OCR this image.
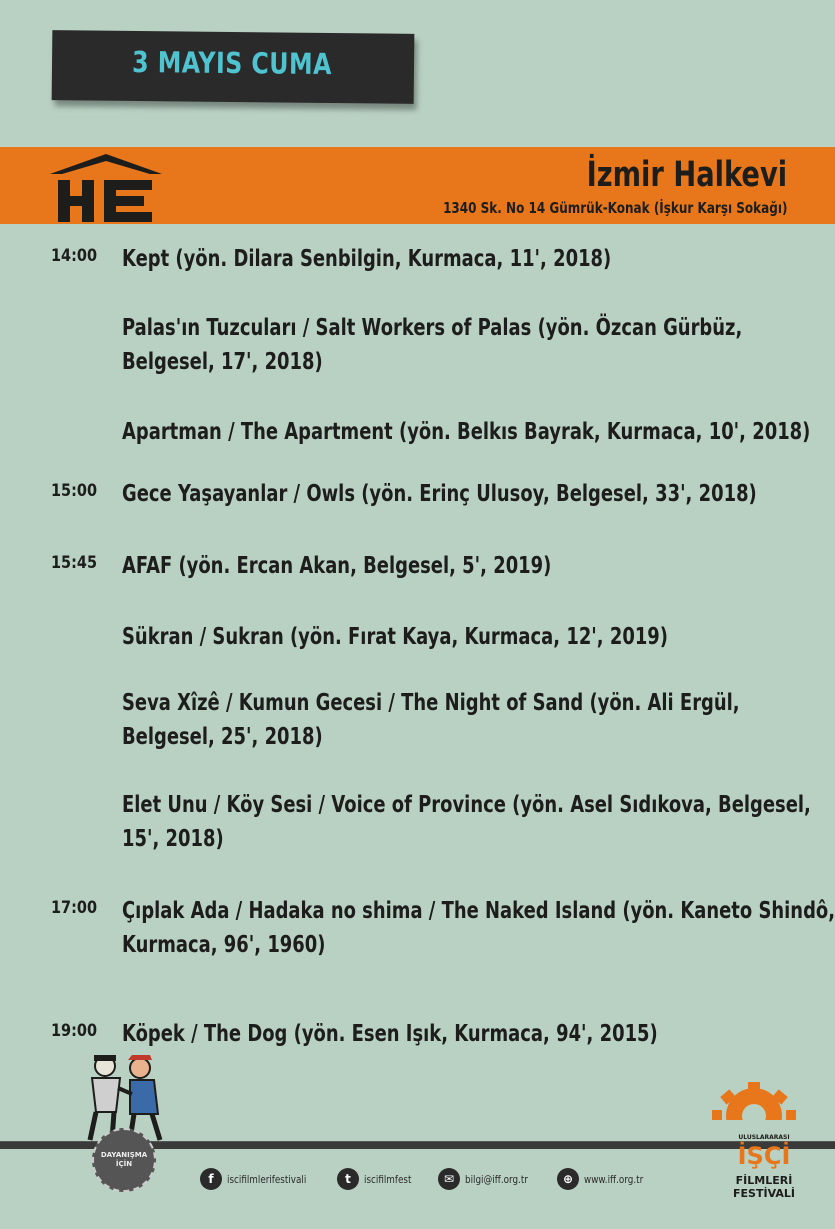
3 MAYIS CUMA
İzmir Halkevi
1340 Sk. No 14 Gümrük-Konak (İşkur Karşı Sokağı)
14:00 Kept (yön. Dilara Senbilgin, Kurmaca, 11', 2018)
Palas'ın Tuzcuları / Salt Workers of Palas (yön. Özcan Gürbüz,
Belgesel, 17', 2018)
Apartman / The Apartment (yön. Belkıs Bayrak, Kurmaca, 10', 2018)
15:00 Gece Yaşayanlar / Owls (yön. Erinç Ulusoy, Belgesel, 33', 2018)
15:45 AFAF (yön. Ercan Akan, Belgesel, 5', 2019)
Sükran / Sukran (yön. Fırat Kaya, Kurmaca, 12', 2019)
Seva Xîzê / Kumun Gecesi / The Night of Sand (yön. Ali Ergül,
Belgesel, 25', 2018)
Elet Unu / Köy Sesi / Voice of Province (yön. Asel Sıdıkova, Belgesel,
15', 2018)
17:00 Çıplak Ada / Hadaka no shima / The Naked Island (yön. Kaneto Shindô,
Kurmaca, 96', 1960)
19:00 Köpek / The Dog (yön. Esen Işık, Kurmaca, 94', 2015)
DAYANIŞMA İÇİN
f	iscifilmlerifestivali	t	iscifilmfest	✉ bilgi@iff.org.tr	⊕ www.iff.org.tr
ULUSLARARASI
İŞÇİ
FİLMLERİ
FESTİVALİ
